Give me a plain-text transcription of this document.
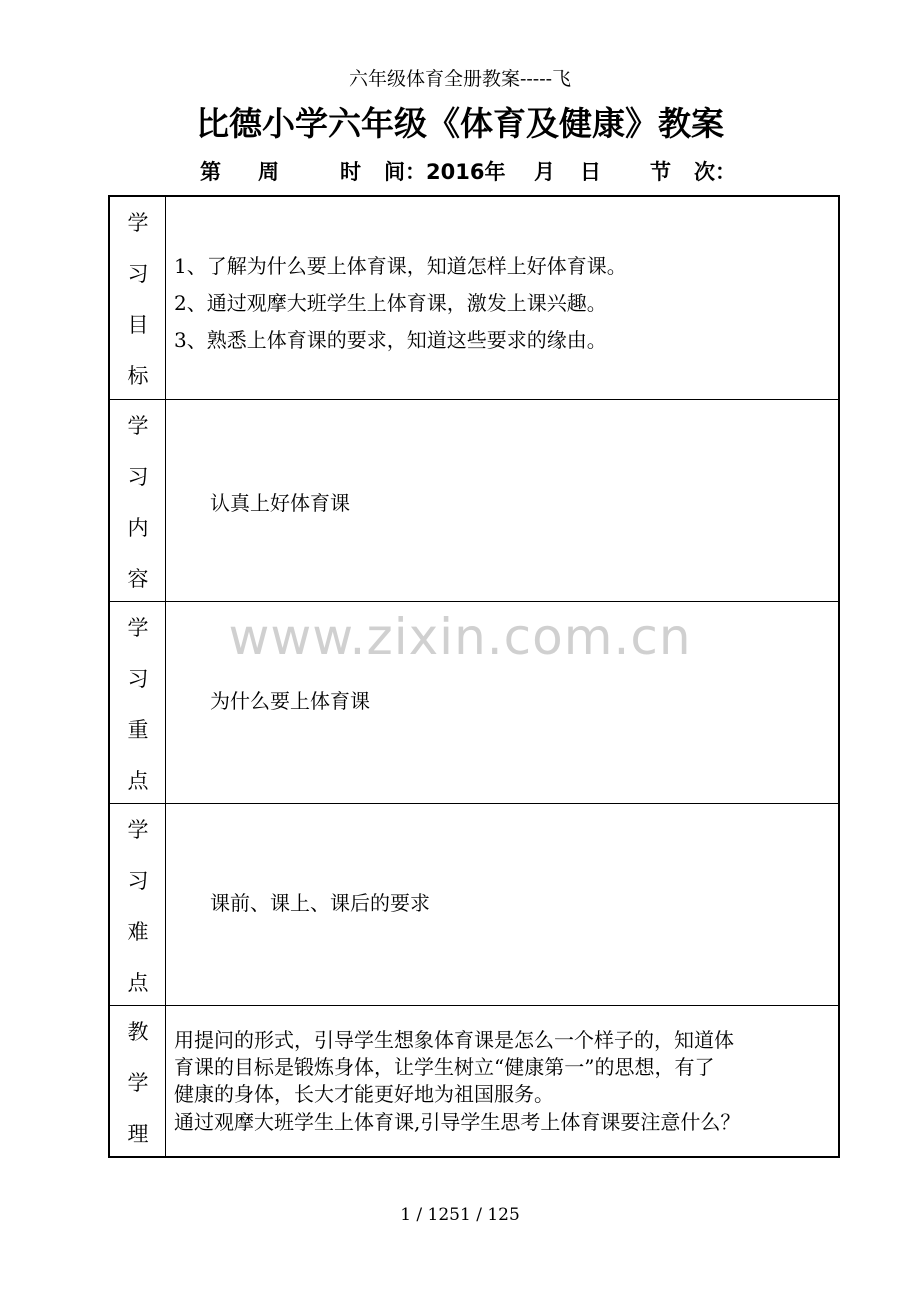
六年级体育全册教案-----飞
比德小学六年级《体育及健康》教案

第

周

	时

间：2016年

月

日

节

次：

学
习
目
标
1、了解为什么要上体育课，知道怎样上好体育课。
2、通过观摩大班学生上体育课，激发上课兴趣。
3、熟悉上体育课的要求，知道这些要求的缘由。
学
习
内
容
认真上好体育课
学
习
重
点
为什么要上体育课
学
习
难
点
课前、课上、课后的要求
教
学
理
用提问的形式，引导学生想象体育课是怎么一个样子的，知道体
育课的目标是锻炼身体，让学生树立“健康第一”的思想，有了
健康的身体，长大才能更好地为祖国服务。
通过观摩大班学生上体育课,引导学生思考上体育课要注意什么？
www.zixin.com.cn
1 / 1251 / 125
